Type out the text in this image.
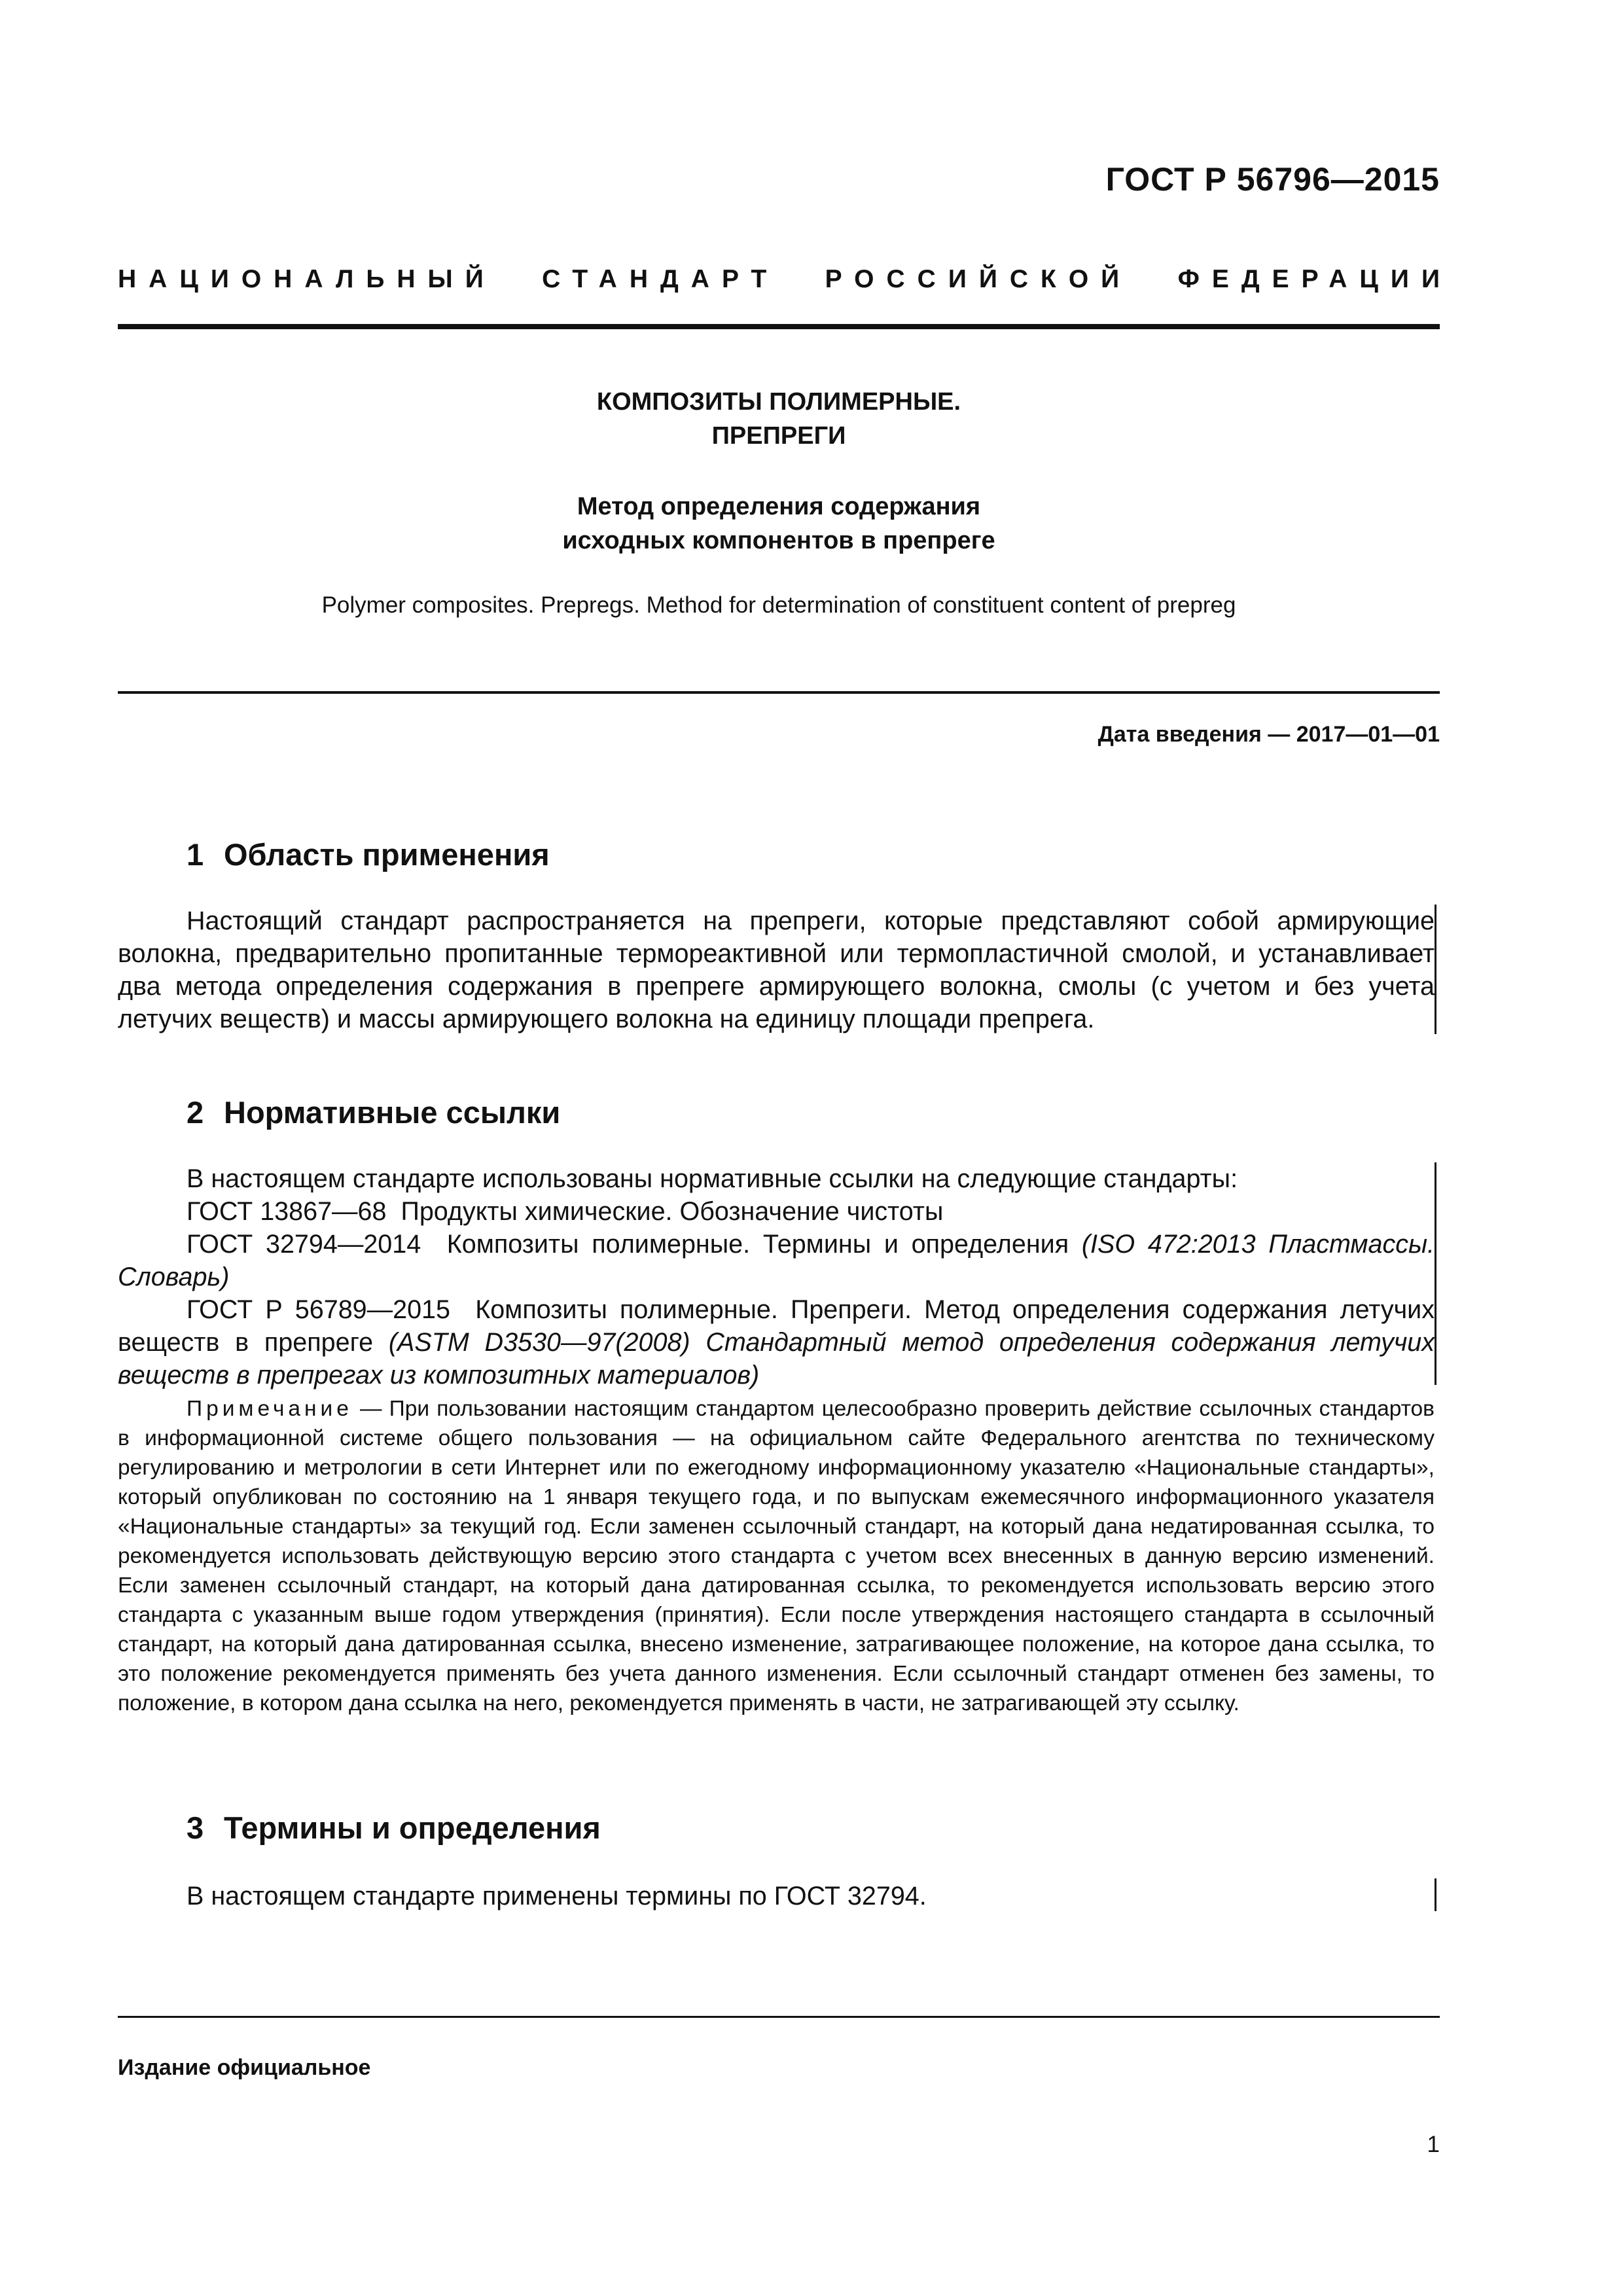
ГОСТ Р 56796—2015
НАЦИОНАЛЬНЫЙ СТАНДАРТ РОССИЙСКОЙ ФЕДЕРАЦИИ
КОМПОЗИТЫ ПОЛИМЕРНЫЕ.
ПРЕПРЕГИ
Метод определения содержания
исходных компонентов в препреге
Polymer composites. Prepregs. Method for determination of constituent content of prepreg
Дата введения — 2017—01—01
1 Область применения

Настоящий стандарт распространяется на препреги, которые представляют собой армирующие волокна, предварительно пропитанные термореактивной или термопластичной смолой, и устанавливает два метода определения содержания в препреге армирующего волокна, смолы (с учетом и без учета летучих веществ) и массы армирующего волокна на единицу площади препрега.

2 Нормативные ссылки

В настоящем стандарте использованы нормативные ссылки на следующие стандарты:

ГОСТ 13867—68 Продукты химические. Обозначение чистоты

ГОСТ 32794—2014 Композиты полимерные. Термины и определения (ISO 472:2013 Пластмассы. Словарь)

ГОСТ Р 56789—2015 Композиты полимерные. Препреги. Метод определения содержания летучих веществ в препреге (ASTM D3530—97(2008) Стандартный метод определения содержания летучих веществ в препрегах из композитных материалов)

Примечание — При пользовании настоящим стандартом целесообразно проверить действие ссылочных стандартов в информационной системе общего пользования — на официальном сайте Федерального агентства по техническому регулированию и метрологии в сети Интернет или по ежегодному информационному указателю «Национальные стандарты», который опубликован по состоянию на 1 января текущего года, и по выпускам ежемесячного информационного указателя «Национальные стандарты» за текущий год. Если заменен ссылочный стандарт, на который дана недатированная ссылка, то рекомендуется использовать действующую версию этого стандарта с учетом всех внесенных в данную версию изменений. Если заменен ссылочный стандарт, на который дана датированная ссылка, то рекомендуется использовать версию этого стандарта с указанным выше годом утверждения (принятия). Если после утверждения настоящего стандарта в ссылочный стандарт, на который дана датированная ссылка, внесено изменение, затрагивающее положение, на которое дана ссылка, то это положение рекомендуется применять без учета данного изменения. Если ссылочный стандарт отменен без замены, то положение, в котором дана ссылка на него, рекомендуется применять в части, не затрагивающей эту ссылку.

3 Термины и определения

В настоящем стандарте применены термины по ГОСТ 32794.

Издание официальное
1
